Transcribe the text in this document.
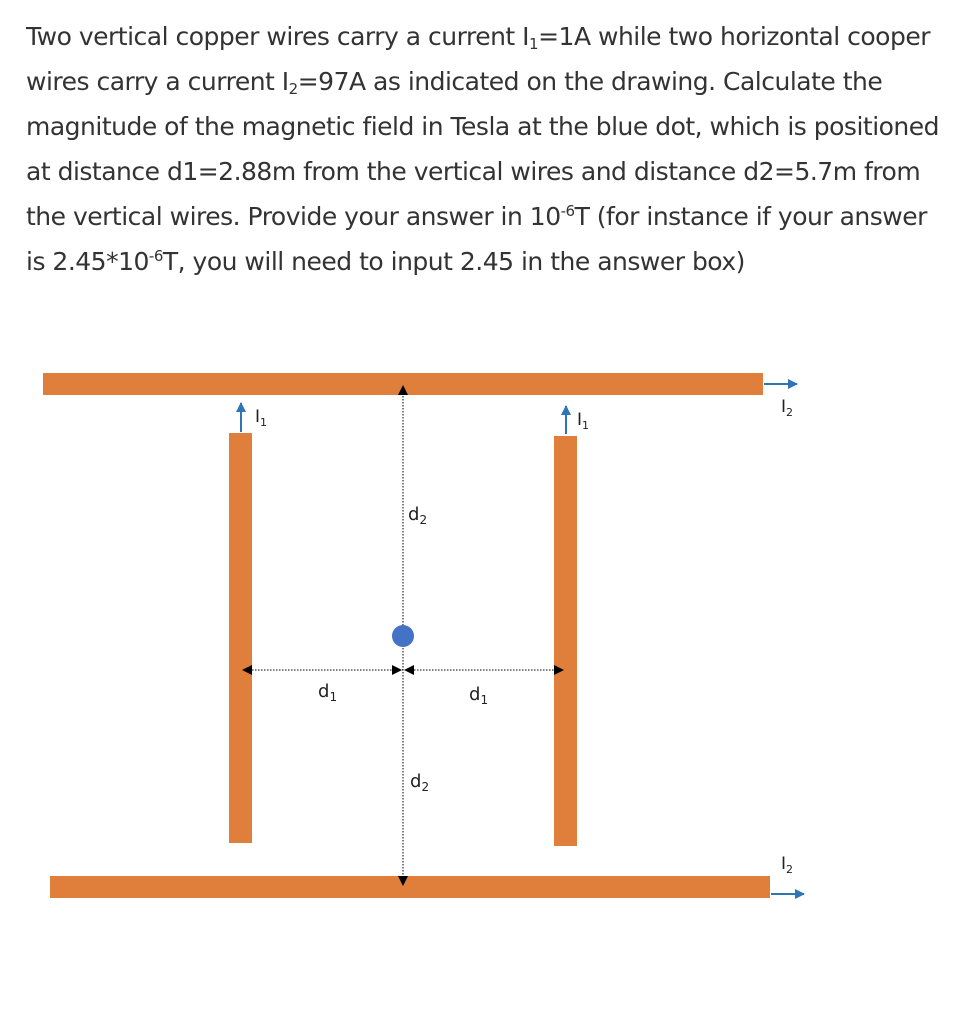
Two vertical copper wires carry a current $I_1=1A$ while two horizontal cooper wires carry a current $I_2=97A$ as indicated on the drawing. Calculate the magnitude of the magnetic field in Tesla at the blue dot, which is positioned at distance d1=2.88m from the vertical wires and distance d2=5.7m from the vertical wires. Provide your answer in $10^{-6}T$ (for instance if your answer is $2.45*10^{-6}T$, you will need to input 2.45 in the answer box)

$I_1$	$I_1$
$I_2$
$I_2$
$d_2$
$d_2$
$d_1$	$d_1$
